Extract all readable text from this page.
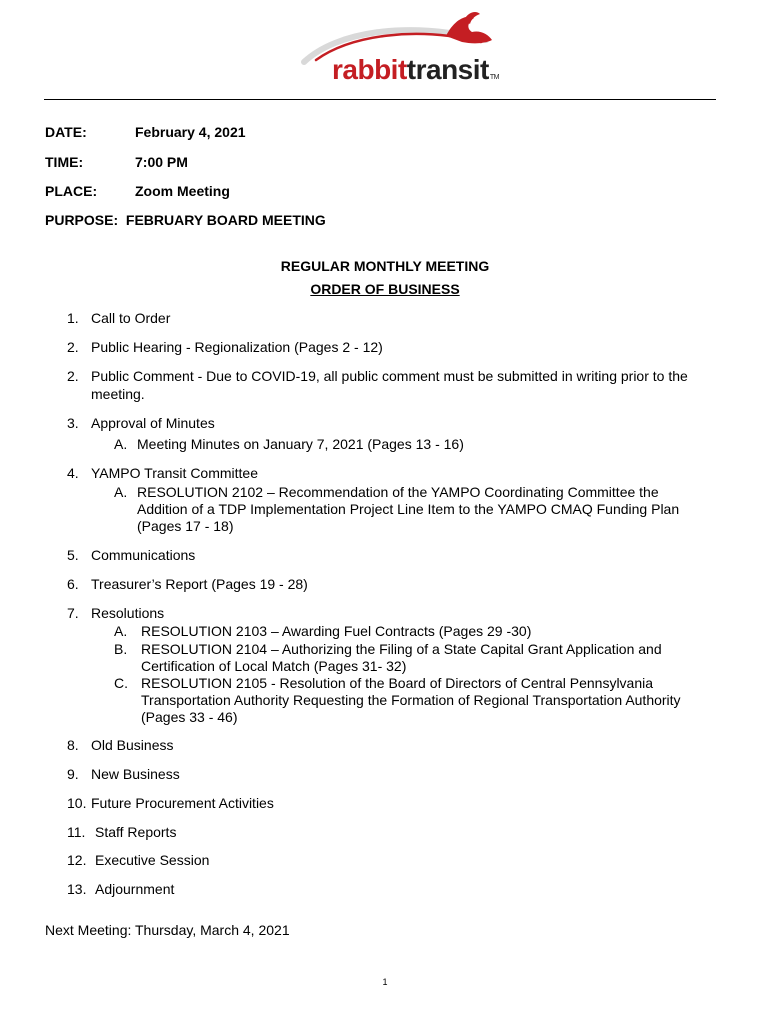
rabbittransitTM
DATE:	February 4, 2021
TIME:	7:00 PM
PLACE:	Zoom Meeting
PURPOSE: FEBRUARY BOARD MEETING
REGULAR MONTHLY MEETING
ORDER OF BUSINESS
1. Call to Order
2. Public Hearing - Regionalization (Pages 2 - 12)
2. Public Comment - Due to COVID-19, all public comment must be submitted in writing prior to the
meeting.
3. Approval of Minutes
A. Meeting Minutes on January 7, 2021 (Pages 13 - 16)
4. YAMPO Transit Committee
A. RESOLUTION 2102 – Recommendation of the YAMPO Coordinating Committee the
Addition of a TDP Implementation Project Line Item to the YAMPO CMAQ Funding Plan
(Pages 17 - 18)
5. Communications
6. Treasurer’s Report (Pages 19 - 28)
7. Resolutions
A. RESOLUTION 2103 – Awarding Fuel Contracts (Pages 29 -30)
B. RESOLUTION 2104 – Authorizing the Filing of a State Capital Grant Application and
Certification of Local Match (Pages 31- 32)
C. RESOLUTION 2105 - Resolution of the Board of Directors of Central Pennsylvania
Transportation Authority Requesting the Formation of Regional Transportation Authority
(Pages 33 - 46)
8. Old Business
9. New Business
10. Future Procurement Activities
11. Staff Reports
12. Executive Session
13. Adjournment
Next Meeting: Thursday, March 4, 2021
1
